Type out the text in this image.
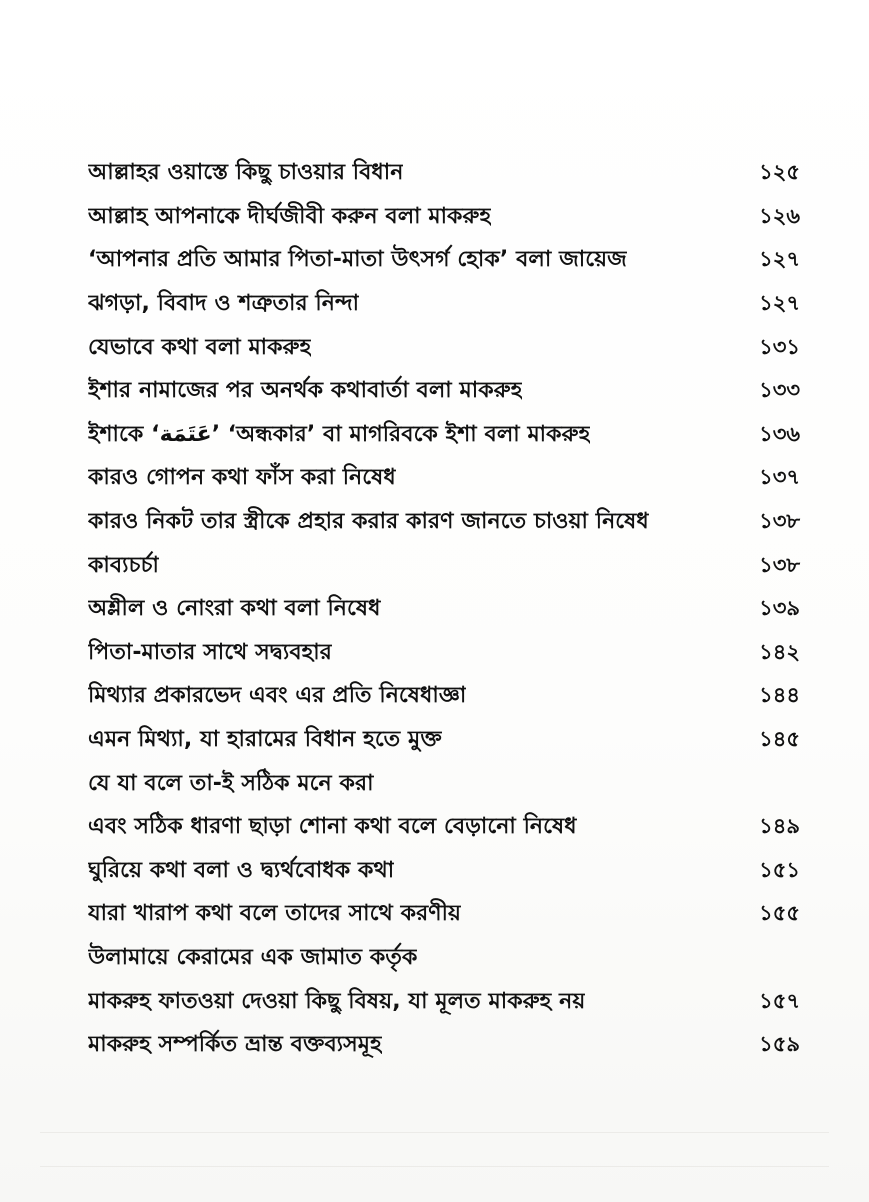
আল্লাহর ওয়াস্তে কিছু চাওয়ার বিধান	১২৫
আল্লাহ আপনাকে দীর্ঘজীবী করুন বলা মাকরুহ	১২৬
‘আপনার প্রতি আমার পিতা-মাতা উৎসর্গ হোক’ বলা জায়েজ	১২৭
ঝগড়া, বিবাদ ও শত্রুতার নিন্দা	১২৭
যেভাবে কথা বলা মাকরুহ	১৩১
ইশার নামাজের পর অনর্থক কথাবার্তা বলা মাকরুহ	১৩৩
ইশাকে ‘عَتَمَة’ ‘অন্ধকার’ বা মাগরিবকে ইশা বলা মাকরুহ	১৩৬
কারও গোপন কথা ফাঁস করা নিষেধ	১৩৭
কারও নিকট তার স্ত্রীকে প্রহার করার কারণ জানতে চাওয়া নিষেধ	১৩৮
কাব্যচর্চা	১৩৮
অশ্লীল ও নোংরা কথা বলা নিষেধ	১৩৯
পিতা-মাতার সাথে সদ্ব্যবহার	১৪২
মিথ্যার প্রকারভেদ এবং এর প্রতি নিষেধাজ্ঞা	১৪৪
এমন মিথ্যা, যা হারামের বিধান হতে মুক্ত	১৪৫
যে যা বলে তা-ই সঠিক মনে করা
এবং সঠিক ধারণা ছাড়া শোনা কথা বলে বেড়ানো নিষেধ	১৪৯
ঘুরিয়ে কথা বলা ও দ্ব্যর্থবোধক কথা	১৫১
যারা খারাপ কথা বলে তাদের সাথে করণীয়	১৫৫
উলামায়ে কেরামের এক জামাত কর্তৃক
মাকরুহ ফাতওয়া দেওয়া কিছু বিষয়, যা মূলত মাকরুহ নয়	১৫৭
মাকরুহ সম্পর্কিত ভ্রান্ত বক্তব্যসমূহ	১৫৯
